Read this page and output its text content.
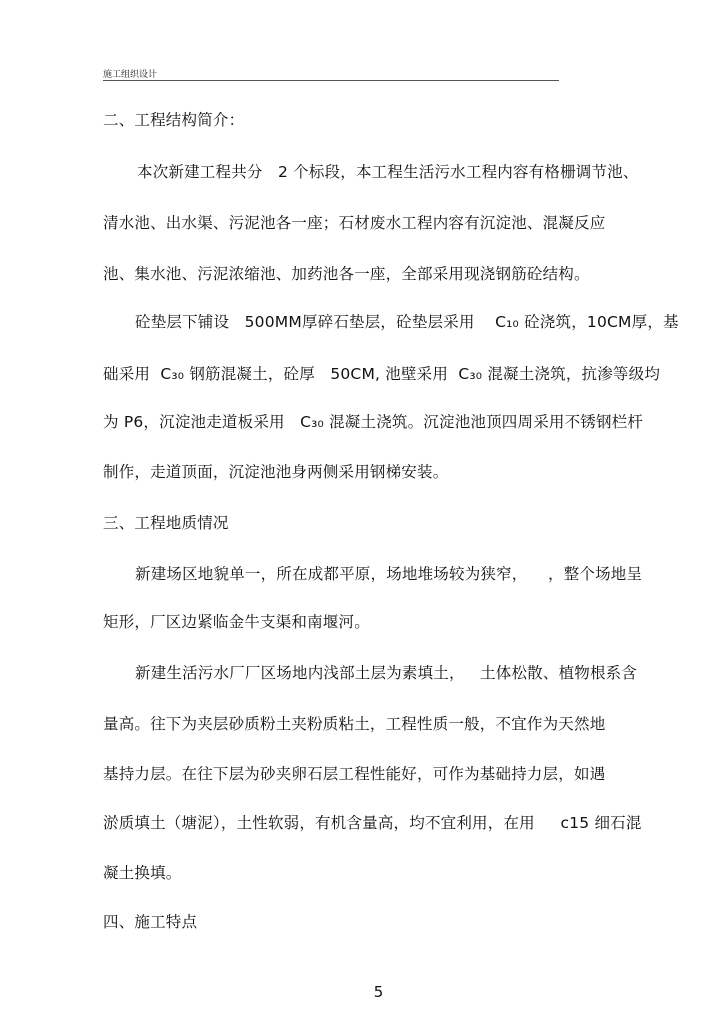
施工组织设计
二、工程结构简介：
本次新建工程共分   2 个标段，本工程生活污水工程内容有格栅调节池、
清水池、出水渠、污泥池各一座；石材废水工程内容有沉淀池、混凝反应
池、集水池、污泥浓缩池、加药池各一座，全部采用现浇钢筋砼结构。
砼垫层下铺设   500MM厚碎石垫层，砼垫层采用    C₁₀ 砼浇筑，10CM厚，基
础采用  C₃₀ 钢筋混凝土，砼厚   50CM, 池壁采用  C₃₀ 混凝土浇筑，抗渗等级均
为 P6，沉淀池走道板采用   C₃₀ 混凝土浇筑。沉淀池池顶四周采用不锈钢栏杆
制作，走道顶面，沉淀池池身两侧采用钢梯安装。
三、工程地质情况
新建场区地貌单一，所在成都平原，场地堆场较为狭窄，    ，整个场地呈
矩形，厂区边紧临金牛支渠和南堰河。
新建生活污水厂厂区场地内浅部土层为素填土，   土体松散、植物根系含
量高。往下为夹层砂质粉土夹粉质粘土，工程性质一般，不宜作为天然地
基持力层。在往下层为砂夹卵石层工程性能好，可作为基础持力层，如遇
淤质填土（塘泥），土性软弱，有机含量高，均不宜利用，在用     c15 细石混
凝土换填。
四、施工特点
5
